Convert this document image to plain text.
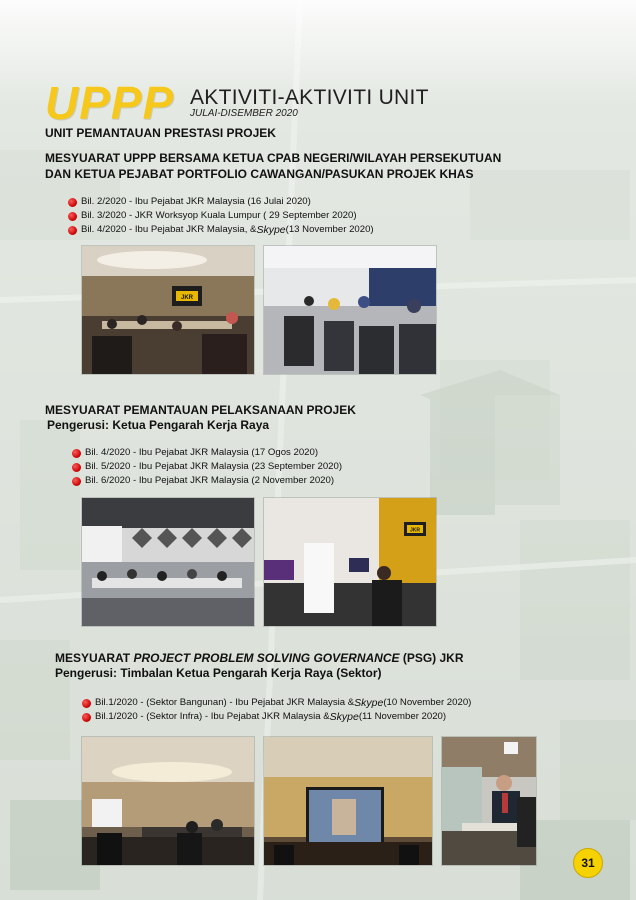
UPPP AKTIVITI-AKTIVITI UNIT
JULAI-DISEMBER 2020
UNIT PEMANTAUAN PRESTASI PROJEK
MESYUARAT UPPP BERSAMA KETUA CPAB NEGERI/WILAYAH PERSEKUTUAN
DAN KETUA PEJABAT PORTFOLIO CAWANGAN/PASUKAN PROJEK KHAS
Bil. 2/2020 - Ibu Pejabat JKR Malaysia (16 Julai 2020)
Bil. 3/2020 - JKR Worksyop Kuala Lumpur ( 29 September 2020)
Bil. 4/2020 - Ibu Pejabat JKR Malaysia, & Skype (13 November 2020)
JKR
MESYUARAT PEMANTAUAN PELAKSANAAN PROJEK
Pengerusi: Ketua Pengarah Kerja Raya
Bil. 4/2020 - Ibu Pejabat JKR Malaysia (17 Ogos 2020)
Bil. 5/2020 - Ibu Pejabat JKR Malaysia (23 September 2020)
Bil. 6/2020 - Ibu Pejabat JKR Malaysia (2 November 2020)
JKR
MESYUARAT PROJECT PROBLEM SOLVING GOVERNANCE (PSG) JKR
Pengerusi: Timbalan Ketua Pengarah Kerja Raya (Sektor)
Bil.1/2020 - (Sektor Bangunan) - Ibu Pejabat JKR Malaysia & Skype (10 November 2020)
Bil.1/2020 - (Sektor Infra) - Ibu Pejabat JKR Malaysia & Skype (11 November 2020)
31
